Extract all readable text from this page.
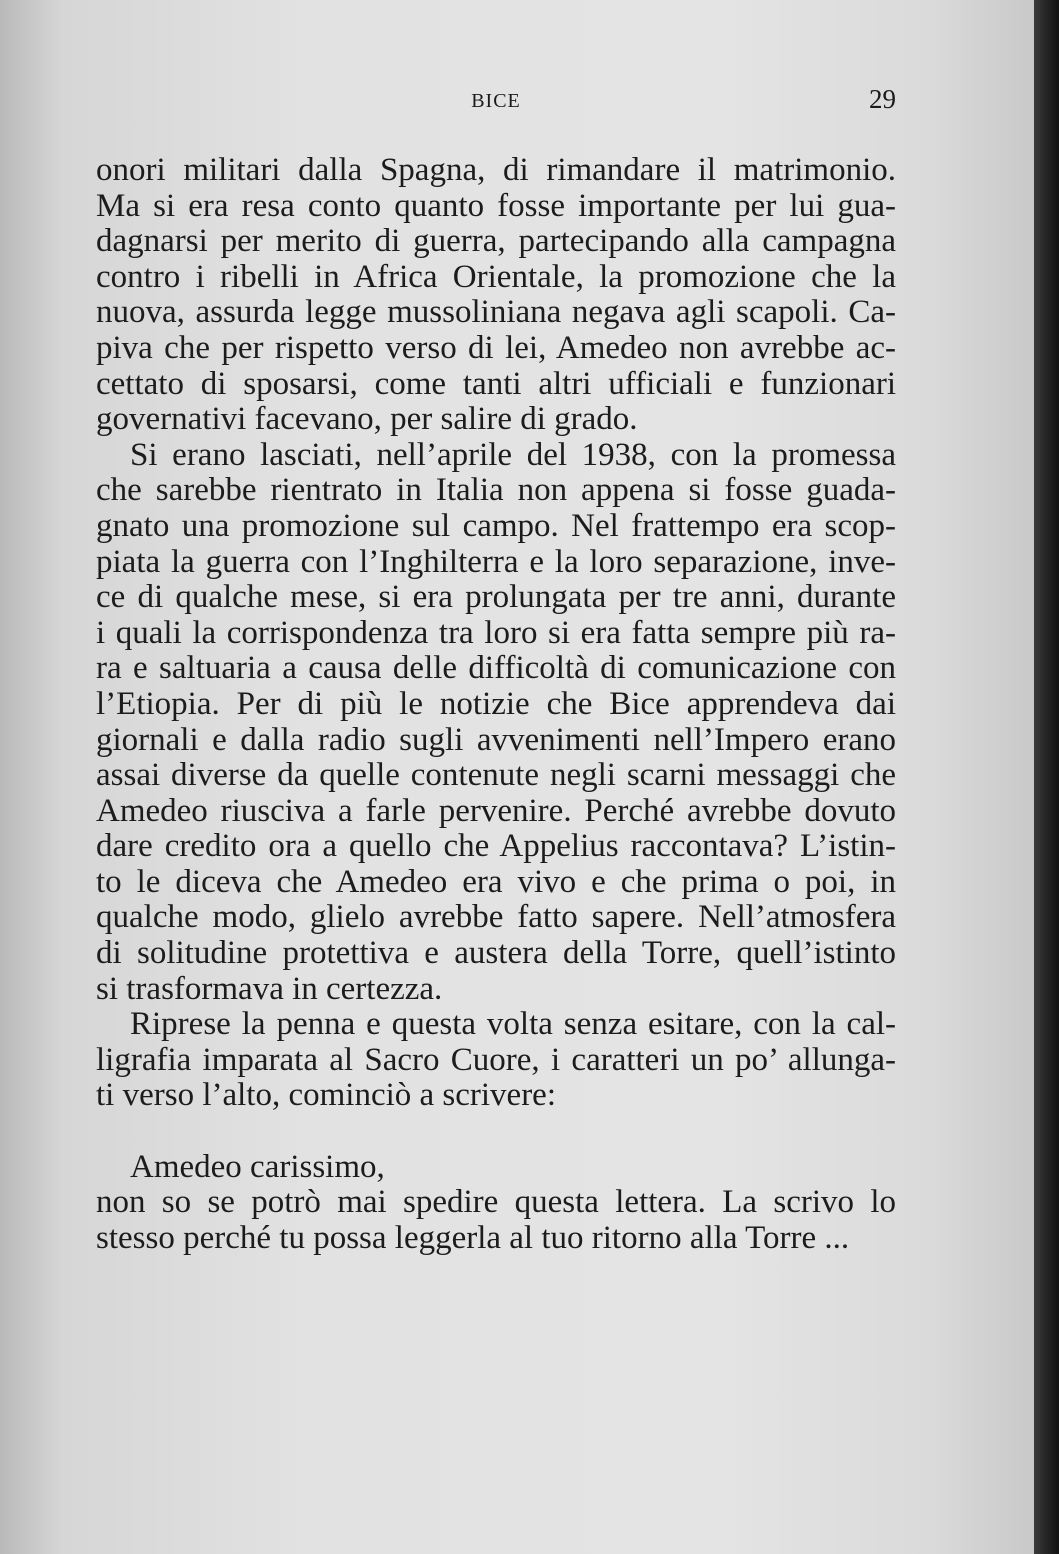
BICE	29
onori militari dalla Spagna, di rimandare il matrimonio.
Ma si era resa conto quanto fosse importante per lui gua-
dagnarsi per merito di guerra, partecipando alla campagna
contro i ribelli in Africa Orientale, la promozione che la
nuova, assurda legge mussoliniana negava agli scapoli. Ca-
piva che per rispetto verso di lei, Amedeo non avrebbe ac-
cettato di sposarsi, come tanti altri ufficiali e funzionari
governativi facevano, per salire di grado.
Si erano lasciati, nell’aprile del 1938, con la promessa
che sarebbe rientrato in Italia non appena si fosse guada-
gnato una promozione sul campo. Nel frattempo era scop-
piata la guerra con l’Inghilterra e la loro separazione, inve-
ce di qualche mese, si era prolungata per tre anni, durante
i quali la corrispondenza tra loro si era fatta sempre più ra-
ra e saltuaria a causa delle difficoltà di comunicazione con
l’Etiopia. Per di più le notizie che Bice apprendeva dai
giornali e dalla radio sugli avvenimenti nell’Impero erano
assai diverse da quelle contenute negli scarni messaggi che
Amedeo riusciva a farle pervenire. Perché avrebbe dovuto
dare credito ora a quello che Appelius raccontava? L’istin-
to le diceva che Amedeo era vivo e che prima o poi, in
qualche modo, glielo avrebbe fatto sapere. Nell’atmosfera
di solitudine protettiva e austera della Torre, quell’istinto
si trasformava in certezza.
Riprese la penna e questa volta senza esitare, con la cal-
ligrafia imparata al Sacro Cuore, i caratteri un po’ allunga-
ti verso l’alto, cominciò a scrivere:
Amedeo carissimo,
non so se potrò mai spedire questa lettera. La scrivo lo
stesso perché tu possa leggerla al tuo ritorno alla Torre ...
